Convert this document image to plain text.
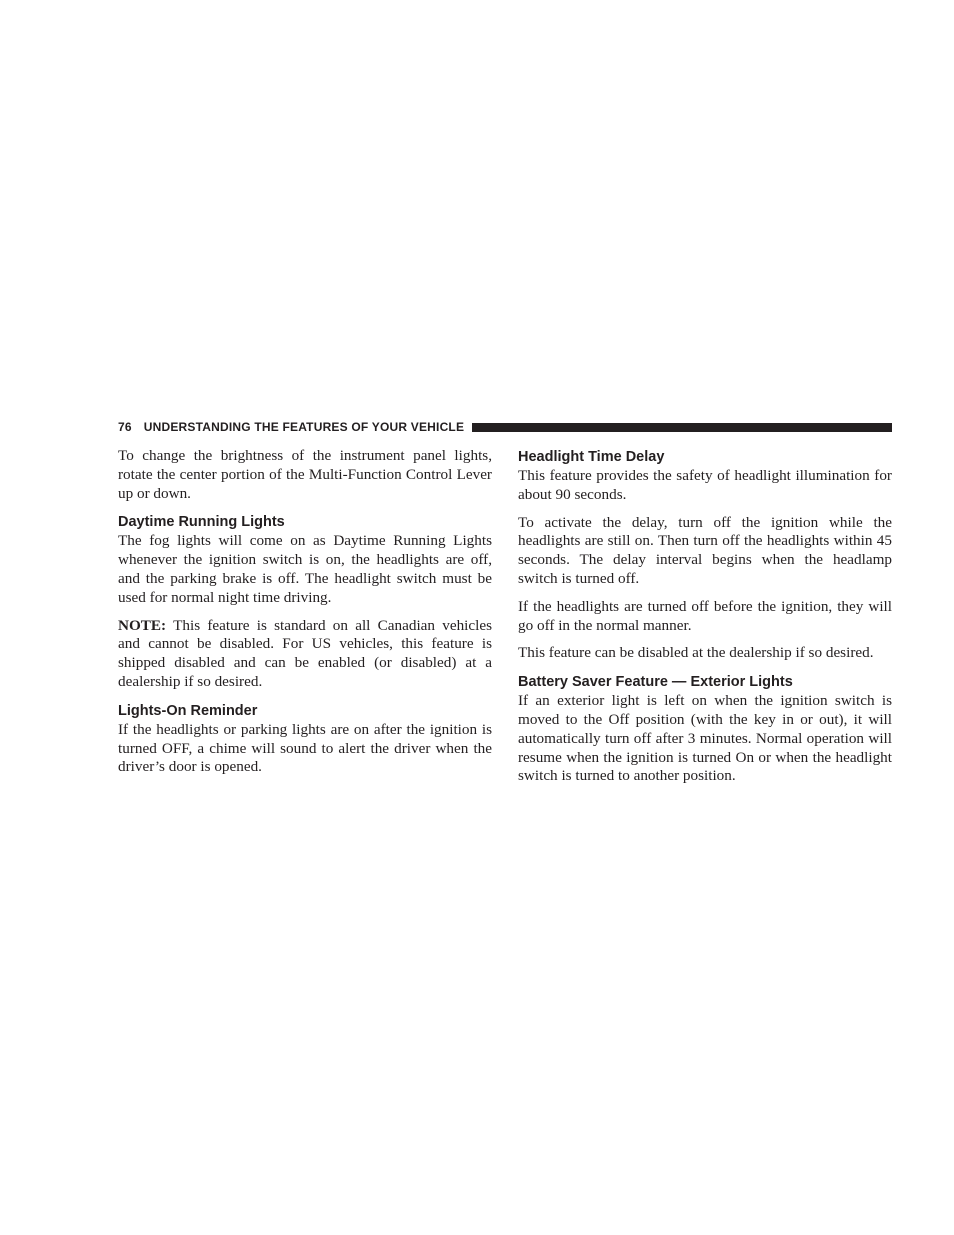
76 UNDERSTANDING THE FEATURES OF YOUR VEHICLE

To change the brightness of the instrument panel lights, rotate the center portion of the Multi-Function Control Lever up or down.

Daytime Running Lights

The fog lights will come on as Daytime Running Lights whenever the ignition switch is on, the headlights are off, and the parking brake is off. The headlight switch must be used for normal night time driving.

NOTE: This feature is standard on all Canadian vehicles and cannot be disabled. For US vehicles, this feature is shipped disabled and can be enabled (or disabled) at a dealership if so desired.

Lights-On Reminder

If the headlights or parking lights are on after the ignition is turned OFF, a chime will sound to alert the driver when the driver’s door is opened.

Headlight Time Delay

This feature provides the safety of headlight illumination for about 90 seconds.

To activate the delay, turn off the ignition while the headlights are still on. Then turn off the headlights within 45 seconds. The delay interval begins when the headlamp switch is turned off.

If the headlights are turned off before the ignition, they will go off in the normal manner.

This feature can be disabled at the dealership if so desired.

Battery Saver Feature — Exterior Lights

If an exterior light is left on when the ignition switch is moved to the Off position (with the key in or out), it will automatically turn off after 3 minutes. Normal operation will resume when the ignition is turned On or when the headlight switch is turned to another position.
